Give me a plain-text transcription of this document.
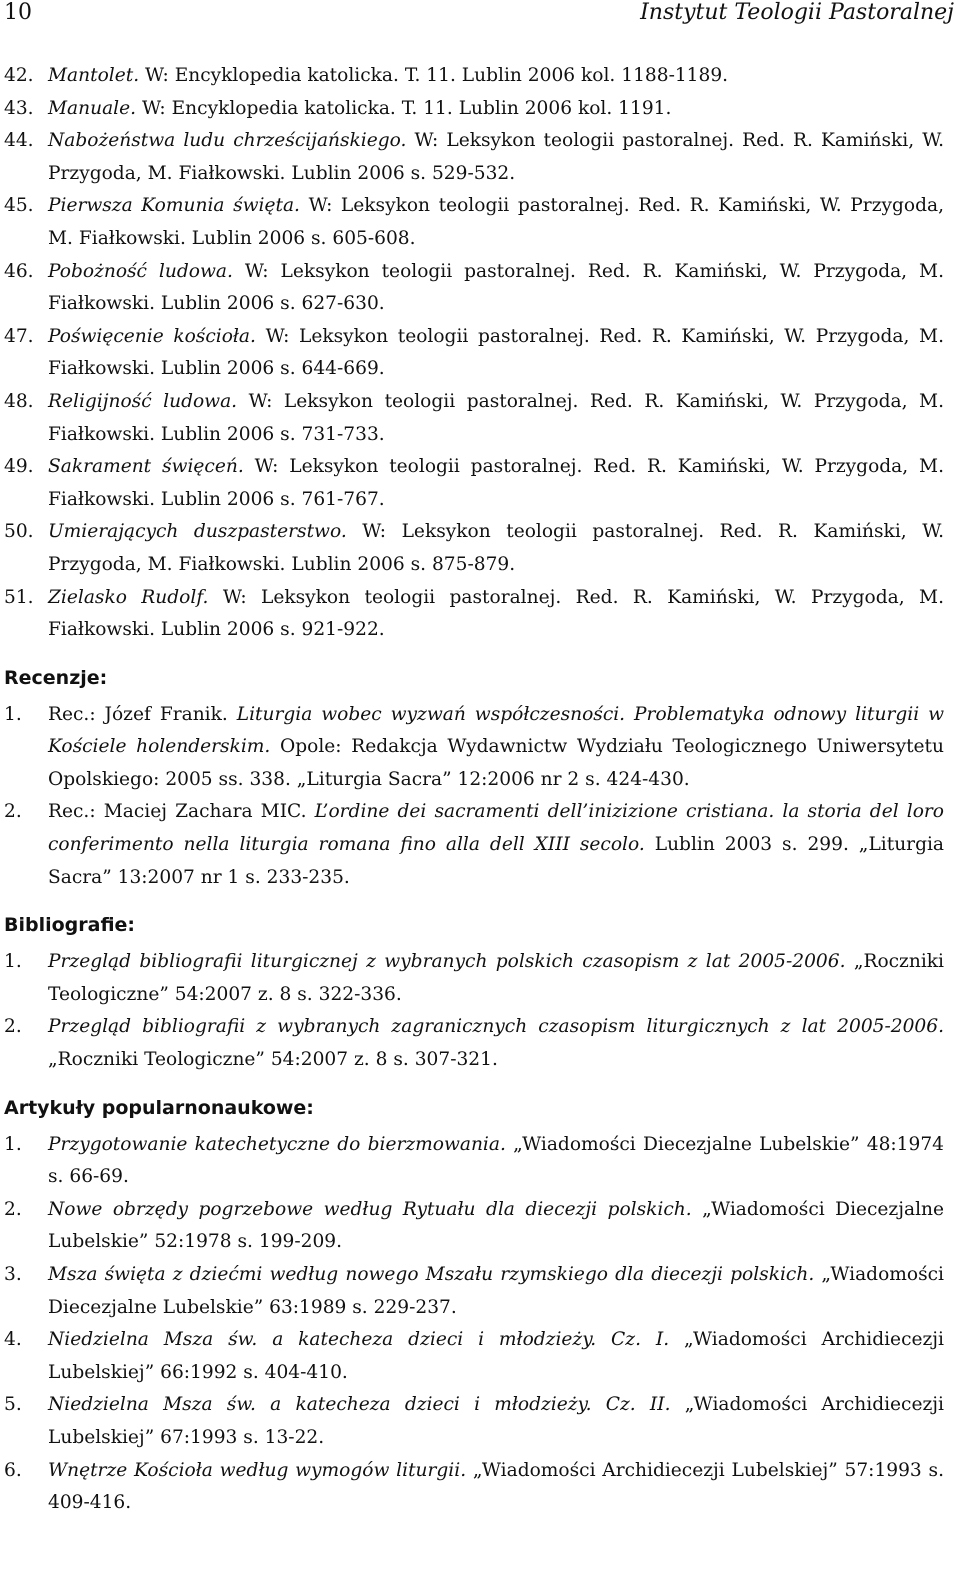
10	Instytut Teologii Pastoralnej
42. Mantolet. W: Encyklopedia katolicka. T. 11. Lublin 2006 kol. 1188-1189.
43. Manuale. W: Encyklopedia katolicka. T. 11. Lublin 2006 kol. 1191.
44. Nabożeństwa ludu chrześcijańskiego. W: Leksykon teologii pastoralnej. Red. R. Kamiński, W. Przygoda, M. Fiałkowski. Lublin 2006 s. 529-532.
45. Pierwsza Komunia święta. W: Leksykon teologii pastoralnej. Red. R. Kamiński, W. Przygoda, M. Fiałkowski. Lublin 2006 s. 605-608.
46. Pobożność ludowa. W: Leksykon teologii pastoralnej. Red. R. Kamiński, W. Przygoda, M. Fiałkowski. Lublin 2006 s. 627-630.
47. Poświęcenie kościoła. W: Leksykon teologii pastoralnej. Red. R. Kamiński, W. Przygoda, M. Fiałkowski. Lublin 2006 s. 644-669.
48. Religijność ludowa. W: Leksykon teologii pastoralnej. Red. R. Kamiński, W. Przygoda, M. Fiałkowski. Lublin 2006 s. 731-733.
49. Sakrament święceń. W: Leksykon teologii pastoralnej. Red. R. Kamiński, W. Przygoda, M. Fiałkowski. Lublin 2006 s. 761-767.
50. Umierających duszpasterstwo. W: Leksykon teologii pastoralnej. Red. R. Kamiński, W. Przygoda, M. Fiałkowski. Lublin 2006 s. 875-879.
51. Zielasko Rudolf. W: Leksykon teologii pastoralnej. Red. R. Kamiński, W. Przygoda, M. Fiałkowski. Lublin 2006 s. 921-922.
Recenzje:
1.	Rec.: Józef Franik. Liturgia wobec wyzwań współczesności. Problematyka odnowy liturgii w Kościele holenderskim. Opole: Redakcja Wydawnictw Wydziału Teologicznego Uniwersytetu Opolskiego: 2005 ss. 338. „Liturgia Sacra” 12:2006 nr 2 s. 424-430.
2.	Rec.: Maciej Zachara MIC. L’ordine dei sacramenti dell’inizizione cristiana. la storia del loro conferimento nella liturgia romana fino alla dell XIII secolo. Lublin 2003 s. 299. „Liturgia Sacra” 13:2007 nr 1 s. 233-235.
Bibliografie:
1.	Przegląd bibliografii liturgicznej z wybranych polskich czasopism z lat 2005-2006. „Roczniki Teologiczne” 54:2007 z. 8 s. 322-336.
2.	Przegląd bibliografii z wybranych zagranicznych czasopism liturgicznych z lat 2005-2006. „Roczniki Teologiczne” 54:2007 z. 8 s. 307-321.
Artykuły popularnonaukowe:
1.	Przygotowanie katechetyczne do bierzmowania. „Wiadomości Diecezjalne Lubelskie” 48:1974 s. 66-69.
2.	Nowe obrzędy pogrzebowe według Rytuału dla diecezji polskich. „Wiadomości Diecezjalne Lubelskie” 52:1978 s. 199-209.
3.	Msza święta z dziećmi według nowego Mszału rzymskiego dla diecezji polskich. „Wiadomości Diecezjalne Lubelskie” 63:1989 s. 229-237.
4.	Niedzielna Msza św. a katecheza dzieci i młodzieży. Cz. I. „Wiadomości Archidiecezji Lubelskiej” 66:1992 s. 404-410.
5.	Niedzielna Msza św. a katecheza dzieci i młodzieży. Cz. II. „Wiadomości Archidiecezji Lubelskiej” 67:1993 s. 13-22.
6.	Wnętrze Kościoła według wymogów liturgii. „Wiadomości Archidiecezji Lubelskiej” 57:1993 s. 409-416.
